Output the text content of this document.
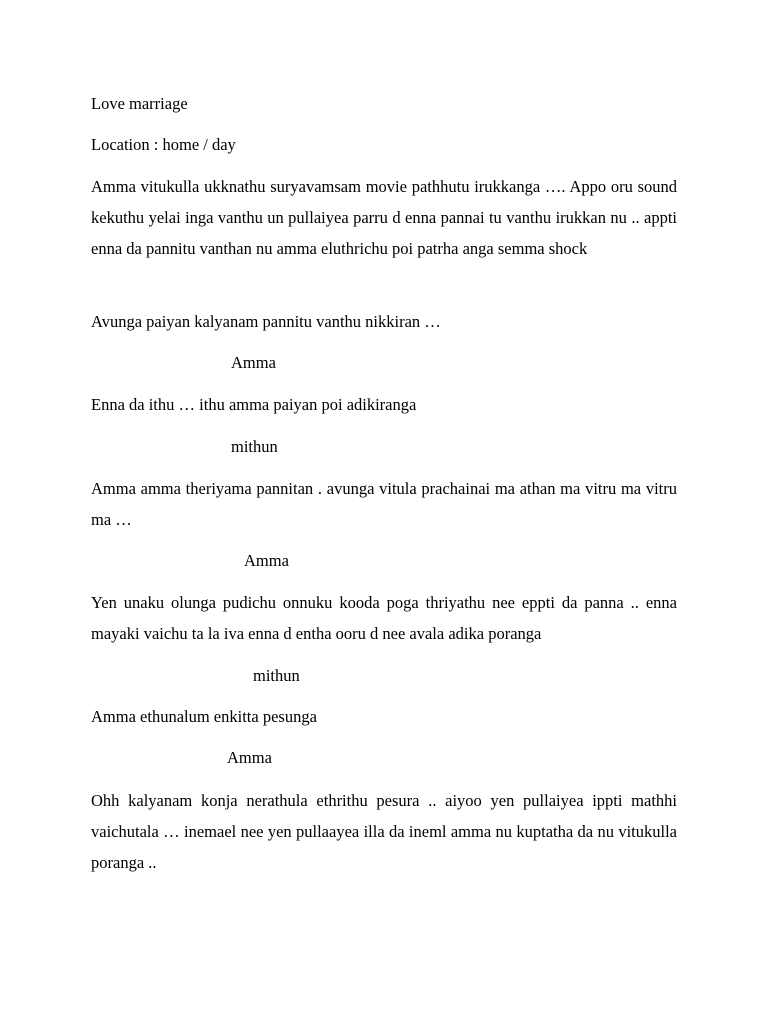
Love marriage

Location : home / day

Amma vitukulla ukknathu suryavamsam movie pathhutu irukkanga …. Appo oru sound kekuthu yelai inga vanthu un pullaiyea parru d enna pannai tu vanthu irukkan nu .. appti enna da pannitu vanthan nu amma eluthrichu poi patrha anga semma shock

Avunga paiyan kalyanam pannitu vanthu nikkiran …

Amma

Enna da ithu … ithu amma paiyan poi adikiranga

mithun

Amma amma theriyama pannitan . avunga vitula prachainai ma athan ma vitru ma vitru ma …

Amma

Yen unaku olunga pudichu onnuku kooda poga thriyathu nee eppti da panna .. enna mayaki vaichu ta la iva enna d entha ooru d nee avala adika poranga

mithun

Amma ethunalum enkitta pesunga

Amma

Ohh kalyanam konja nerathula ethrithu pesura .. aiyoo yen pullaiyea ippti mathhi vaichutala … inemael nee yen pullaayea illa da ineml amma nu kuptatha da nu vitukulla poranga ..
